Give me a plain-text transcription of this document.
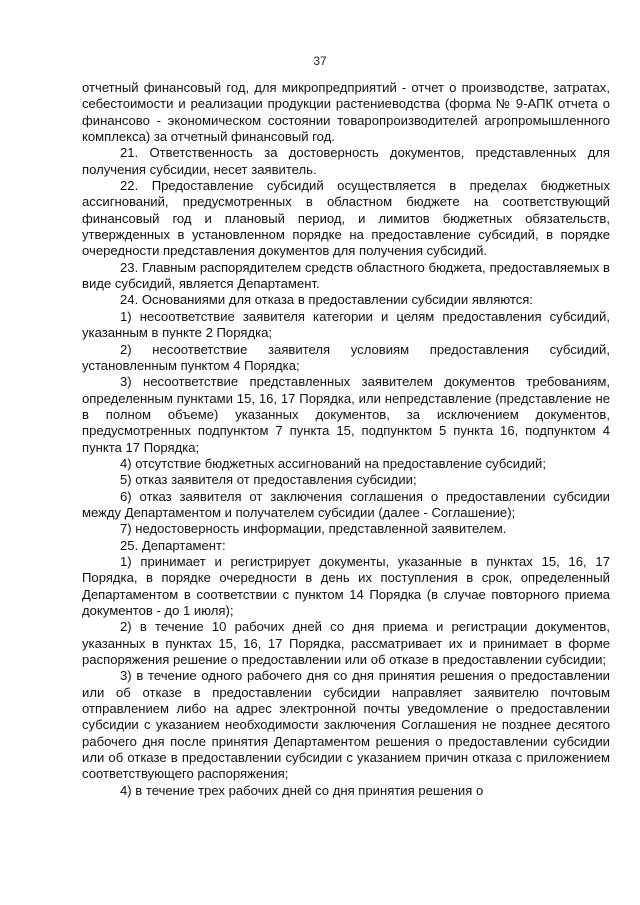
37

отчетный финансовый год, для микропредприятий - отчет о производстве, затратах, себестоимости и реализации продукции растениеводства (форма № 9-АПК отчета о финансово - экономическом состоянии товаропроизводителей агропромышленного комплекса) за отчетный финансовый год.

21. Ответственность за достоверность документов, представленных для получения субсидии, несет заявитель.

22. Предоставление субсидий осуществляется в пределах бюджетных ассигнований, предусмотренных в областном бюджете на соответствующий финансовый год и плановый период, и лимитов бюджетных обязательств, утвержденных в установленном порядке на предоставление субсидий, в порядке очередности представления документов для получения субсидий.

23. Главным распорядителем средств областного бюджета, предоставляемых в виде субсидий, является Департамент.

24. Основаниями для отказа в предоставлении субсидии являются:

1) несоответствие заявителя категории и целям предоставления субсидий, указанным в пункте 2 Порядка;

2) несоответствие заявителя условиям предоставления субсидий, установленным пунктом 4 Порядка;

3) несоответствие представленных заявителем документов требованиям, определенным пунктами 15, 16, 17 Порядка, или непредставление (представление не в полном объеме) указанных документов, за исключением документов, предусмотренных подпунктом 7 пункта 15, подпунктом 5 пункта 16, подпунктом 4 пункта 17 Порядка;

4) отсутствие бюджетных ассигнований на предоставление субсидий;

5) отказ заявителя от предоставления субсидии;

6) отказ заявителя от заключения соглашения о предоставлении субсидии между Департаментом и получателем субсидии (далее - Соглашение);

7) недостоверность информации, представленной заявителем.

25. Департамент:

1) принимает и регистрирует документы, указанные в пунктах 15, 16, 17 Порядка, в порядке очередности в день их поступления в срок, определенный Департаментом в соответствии с пунктом 14 Порядка (в случае повторного приема документов - до 1 июля);

2) в течение 10 рабочих дней со дня приема и регистрации документов, указанных в пунктах 15, 16, 17 Порядка, рассматривает их и принимает в форме распоряжения решение о предоставлении или об отказе в предоставлении субсидии;

3) в течение одного рабочего дня со дня принятия решения о предоставлении или об отказе в предоставлении субсидии направляет заявителю почтовым отправлением либо на адрес электронной почты уведомление о предоставлении субсидии с указанием необходимости заключения Соглашения не позднее десятого рабочего дня после принятия Департаментом решения о предоставлении субсидии или об отказе в предоставлении субсидии с указанием причин отказа с приложением соответствующего распоряжения;

4) в течение трех рабочих дней со дня принятия решения о
